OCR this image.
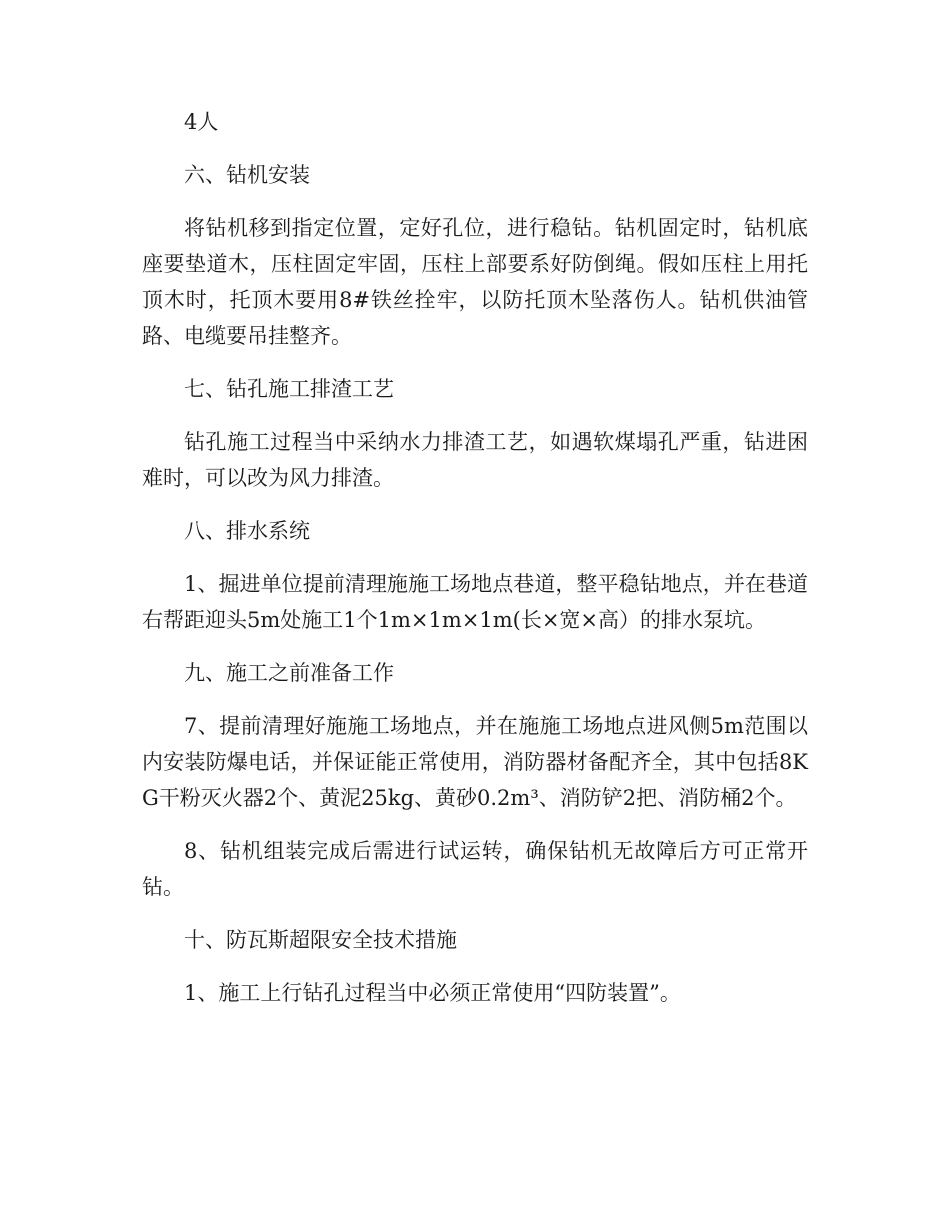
4人

六、钻机安装

将钻机移到指定位置，定好孔位，进行稳钻。钻机固定时，钻机底座要垫道木，压柱固定牢固，压柱上部要系好防倒绳。假如压柱上用托顶木时，托顶木要用8#铁丝拴牢，以防托顶木坠落伤人。钻机供油管路、电缆要吊挂整齐。

七、钻孔施工排渣工艺

钻孔施工过程当中采纳水力排渣工艺，如遇软煤塌孔严重，钻进困难时，可以改为风力排渣。

八、排水系统

1、掘进单位提前清理施施工场地点巷道，整平稳钻地点，并在巷道右帮距迎头5m处施工1个1m×1m×1m(长×宽×高）的排水泵坑。

九、施工之前准备工作

7、提前清理好施施工场地点，并在施施工场地点进风侧5m范围以内安装防爆电话，并保证能正常使用，消防器材备配齐全，其中包括8KG干粉灭火器2个、黄泥25kg、黄砂0.2m³、消防铲2把、消防桶2个。

8、钻机组装完成后需进行试运转，确保钻机无故障后方可正常开钻。

十、防瓦斯超限安全技术措施

1、施工上行钻孔过程当中必须正常使用“四防装置”。
